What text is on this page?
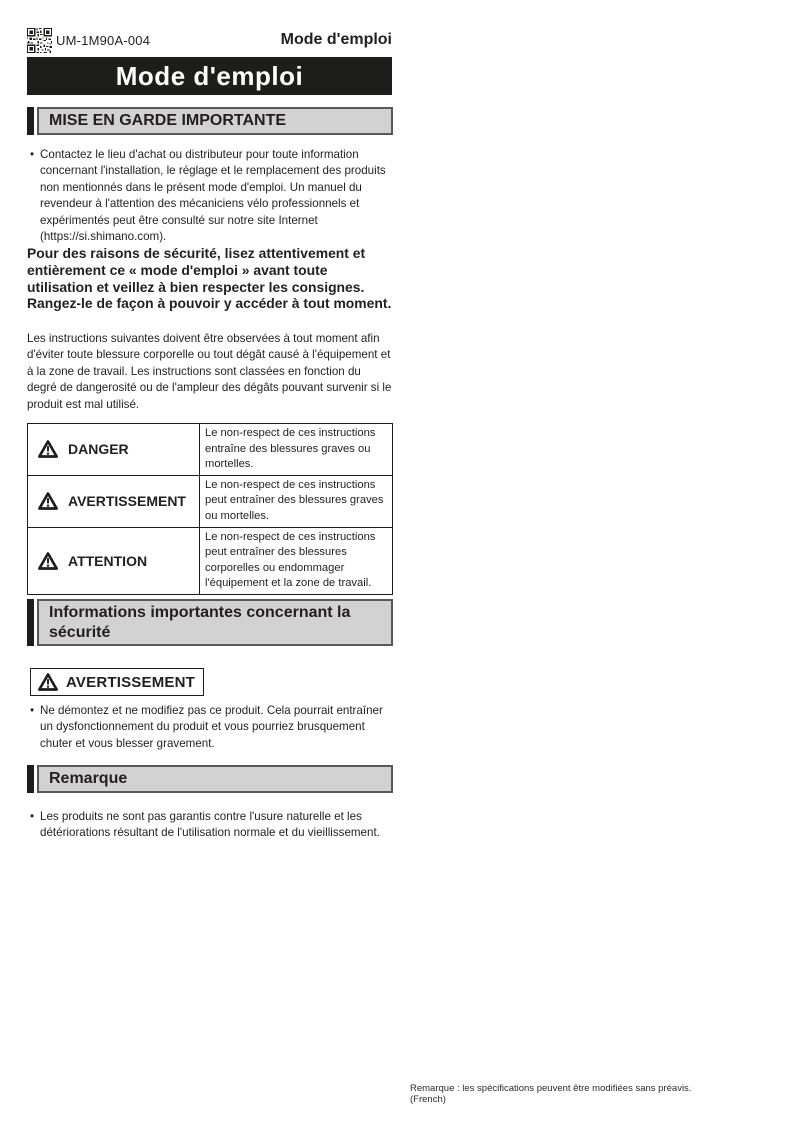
UM-1M90A-004	Mode d'emploi
Mode d'emploi
MISE EN GARDE IMPORTANTE
• Contactez le lieu d'achat ou distributeur pour toute information concernant l'installation, le réglage et le remplacement des produits non mentionnés dans le présent mode d'emploi. Un manuel du revendeur à l'attention des mécaniciens vélo professionnels et expérimentés peut être consulté sur notre site Internet (https://si.shimano.com).

Pour des raisons de sécurité, lisez attentivement et entièrement ce « mode d'emploi » avant toute utilisation et veillez à bien respecter les consignes. Rangez-le de façon à pouvoir y accéder à tout moment.

Les instructions suivantes doivent être observées à tout moment afin d'éviter toute blessure corporelle ou tout dégât causé à l'équipement et à la zone de travail. Les instructions sont classées en fonction du degré de dangerosité ou de l'ampleur des dégâts pouvant survenir si le produit est mal utilisé.

DANGER	Le non-respect de ces instructions entraîne des blessures graves ou mortelles.

AVERTISSEMENT	Le non-respect de ces instructions peut entraîner des blessures graves ou mortelles.

ATTENTION	Le non-respect de ces instructions peut entraîner des blessures corporelles ou endommager l'équipement et la zone de travail.
Informations importantes concernant la sécurité
AVERTISSEMENT
• Ne démontez et ne modifiez pas ce produit. Cela pourrait entraîner un dysfonctionnement du produit et vous pourriez brusquement chuter et vous blesser gravement.

Remarque
• Les produits ne sont pas garantis contre l'usure naturelle et les détériorations résultant de l'utilisation normale et du vieillissement.

Remarque : les spécifications peuvent être modifiées sans préavis. (French)
